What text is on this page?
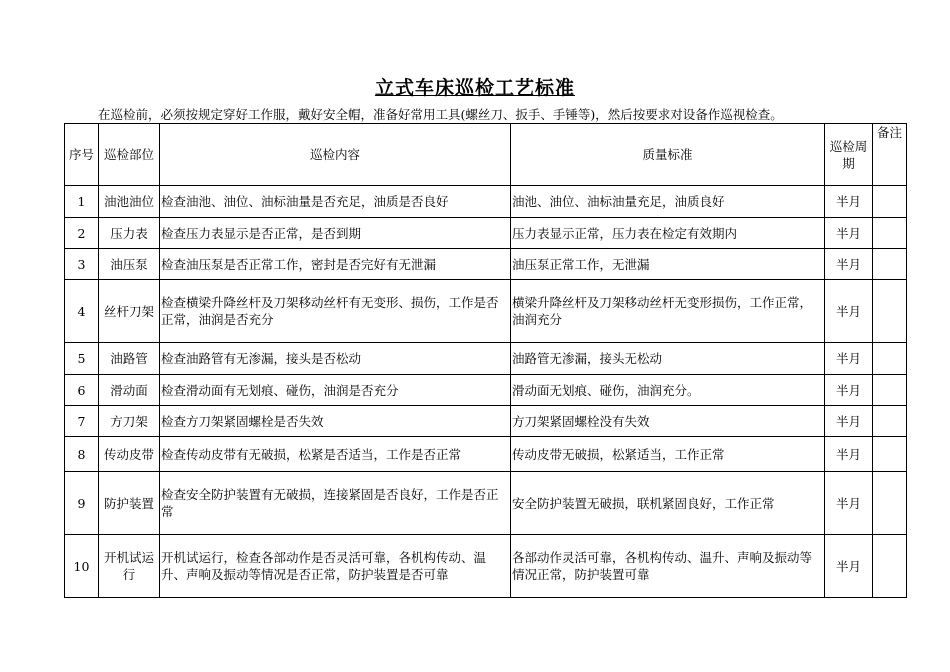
立式车床巡检工艺标准
在巡检前，必须按规定穿好工作服，戴好安全帽，准备好常用工具(螺丝刀、扳手、手锤等)，然后按要求对设备作巡视检查。
序号	巡检部位	巡检内容	质量标准	巡检周期	备注
1	油池油位	检查油池、油位、油标油量是否充足，油质是否良好	油池、油位、油标油量充足，油质良好	半月	
2	压力表	检查压力表显示是否正常，是否到期	压力表显示正常，压力表在检定有效期内	半月	
3	油压泵	检查油压泵是否正常工作，密封是否完好有无泄漏	油压泵正常工作，无泄漏	半月	
4	丝杆刀架	检查横梁升降丝杆及刀架移动丝杆有无变形、损伤，工作是否正常，油润是否充分	横梁升降丝杆及刀架移动丝杆无变形损伤，工作正常，油润充分	半月	
5	油路管	检查油路管有无渗漏，接头是否松动	油路管无渗漏，接头无松动	半月	
6	滑动面	检查滑动面有无划痕、碰伤，油润是否充分	滑动面无划痕、碰伤，油润充分。	半月	
7	方刀架	检查方刀架紧固螺栓是否失效	方刀架紧固螺栓没有失效	半月	
8	传动皮带	检查传动皮带有无破损，松紧是否适当，工作是否正常	传动皮带无破损，松紧适当，工作正常	半月	
9	防护装置	检查安全防护装置有无破损，连接紧固是否良好，工作是否正常	安全防护装置无破损，联机紧固良好，工作正常	半月	
10	开机试运行	开机试运行，检查各部动作是否灵活可靠，各机构传动、温升、声响及振动等情况是否正常，防护装置是否可靠	各部动作灵活可靠，各机构传动、温升、声响及振动等情况正常，防护装置可靠	半月	
